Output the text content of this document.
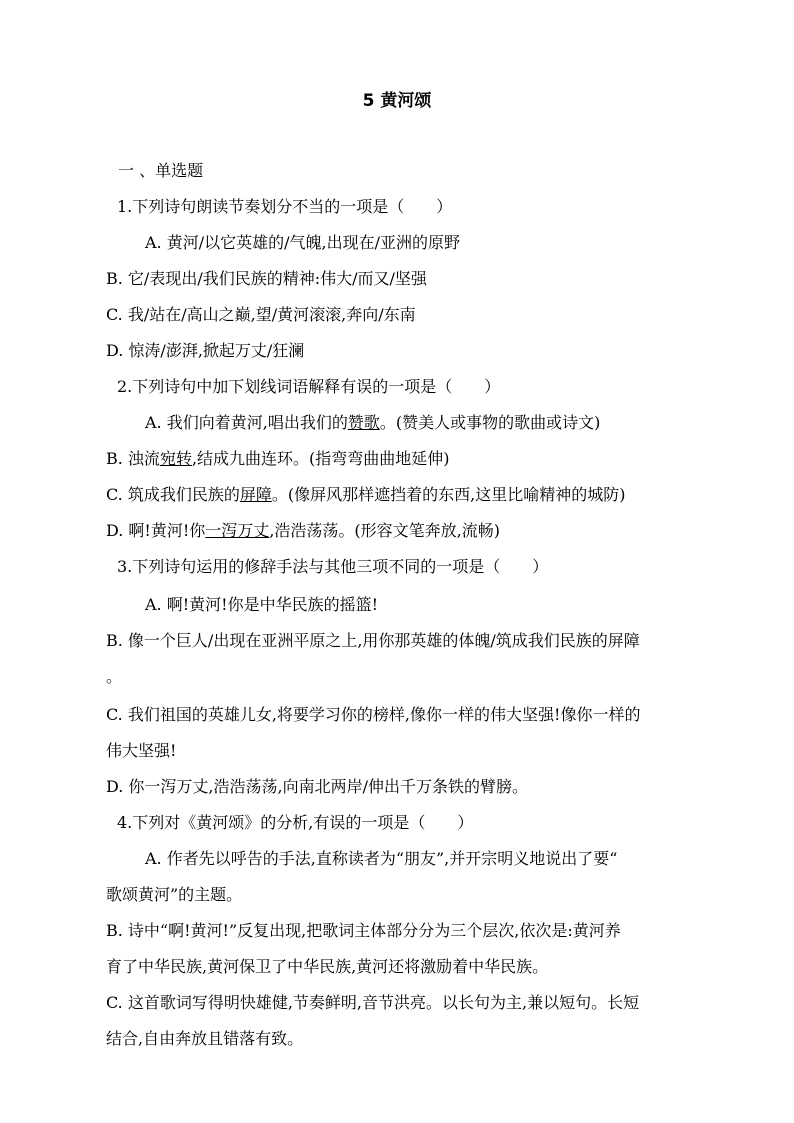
5 黄河颂
一 、单选题
1.下列诗句朗读节奏划分不当的一项是（　　）
A. 黄河/以它英雄的/气魄,出现在/亚洲的原野
B. 它/表现出/我们民族的精神:伟大/而又/坚强
C. 我/站在/高山之巅,望/黄河滚滚,奔向/东南
D. 惊涛/澎湃,掀起万丈/狂澜
2.下列诗句中加下划线词语解释有误的一项是（　　）
A. 我们向着黄河,唱出我们的赞歌。(赞美人或事物的歌曲或诗文)
B. 浊流宛转,结成九曲连环。(指弯弯曲曲地延伸)
C. 筑成我们民族的屏障。(像屏风那样遮挡着的东西,这里比喻精神的城防)
D. 啊!黄河!你一泻万丈,浩浩荡荡。(形容文笔奔放,流畅)
3.下列诗句运用的修辞手法与其他三项不同的一项是（　　）
A. 啊!黄河!你是中华民族的摇篮!
B. 像一个巨人/出现在亚洲平原之上,用你那英雄的体魄/筑成我们民族的屏障
。
C. 我们祖国的英雄儿女,将要学习你的榜样,像你一样的伟大坚强!像你一样的
伟大坚强!
D. 你一泻万丈,浩浩荡荡,向南北两岸/伸出千万条铁的臂膀。
4.下列对《黄河颂》的分析,有误的一项是（　　）
A. 作者先以呼告的手法,直称读者为“朋友”,并开宗明义地说出了要“
歌颂黄河”的主题。
B. 诗中“啊!黄河!”反复出现,把歌词主体部分分为三个层次,依次是:黄河养
育了中华民族,黄河保卫了中华民族,黄河还将激励着中华民族。
C. 这首歌词写得明快雄健,节奏鲜明,音节洪亮。以长句为主,兼以短句。长短
结合,自由奔放且错落有致。
